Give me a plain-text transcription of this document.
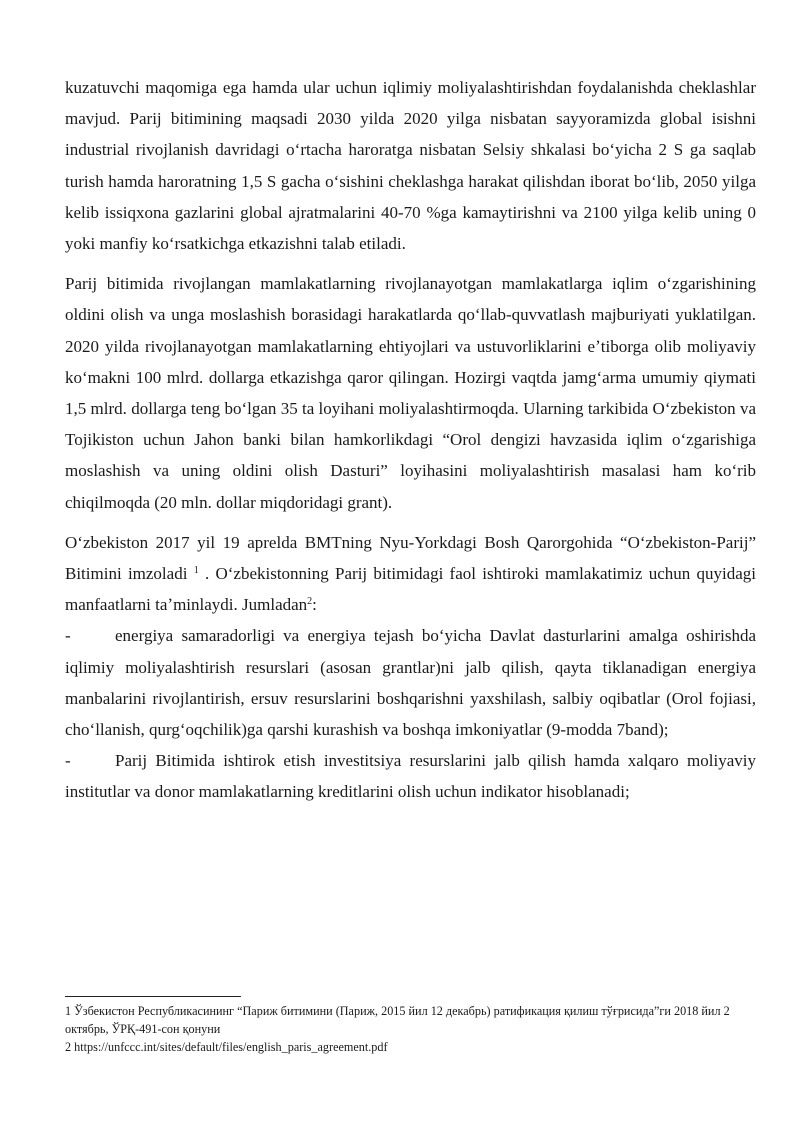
kuzatuvchi maqomiga ega hamda ular uchun iqlimiy moliyalashtirishdan foydalanishda cheklashlar mavjud. Parij bitimining maqsadi 2030 yilda 2020 yilga nisbatan sayyoramizda global isishni industrial rivojlanish davridagi oʻrtacha haroratga nisbatan Selsiy shkalasi boʻyicha 2 S ga saqlab turish hamda haroratning 1,5 S gacha oʻsishini cheklashga harakat qilishdan iborat boʻlib, 2050 yilga kelib issiqxona gazlarini global ajratmalarini 40-70 %ga kamaytirishni va 2100 yilga kelib uning 0 yoki manfiy koʻrsatkichga etkazishni talab etiladi.

Parij bitimida rivojlangan mamlakatlarning rivojlanayotgan mamlakatlarga iqlim oʻzgarishining oldini olish va unga moslashish borasidagi harakatlarda qoʻllab-quvvatlash majburiyati yuklatilgan. 2020 yilda rivojlanayotgan mamlakatlarning ehtiyojlari va ustuvorliklarini eʼtiborga olib moliyaviy koʻmakni 100 mlrd. dollarga etkazishga qaror qilingan. Hozirgi vaqtda jamgʻarma umumiy qiymati 1,5 mlrd. dollarga teng boʻlgan 35 ta loyihani moliyalashtirmoqda. Ularning tarkibida Oʻzbekiston va Tojikiston uchun Jahon banki bilan hamkorlikdagi “Orol dengizi havzasida iqlim oʻzgarishiga moslashish va uning oldini olish Dasturi” loyihasini moliyalashtirish masalasi ham koʻrib chiqilmoqda (20 mln. dollar miqdoridagi grant).

Oʻzbekiston 2017 yil 19 aprelda BMTning Nyu-Yorkdagi Bosh Qarorgohida “Oʻzbekiston-Parij” Bitimini imzoladi $^1$ . Oʻzbekistonning Parij bitimidagi faol ishtiroki mamlakatimiz uchun quyidagi manfaatlarni taʼminlaydi. Jumladan$^2$:

-	energiya samaradorligi va energiya tejash boʻyicha Davlat dasturlarini amalga oshirishda iqlimiy moliyalashtirish resurslari (asosan grantlar)ni jalb qilish, qayta tiklanadigan energiya manbalarini rivojlantirish, ersuv resurslarini boshqarishni yaxshilash, salbiy oqibatlar (Orol fojiasi, choʻllanish, qurgʻoqchilik)ga qarshi kurashish va boshqa imkoniyatlar (9-modda 7band);

-	Parij Bitimida ishtirok etish investitsiya resurslarini jalb qilish hamda xalqaro moliyaviy institutlar va donor mamlakatlarning kreditlarini olish uchun indikator hisoblanadi;

1 Ўзбекистон Республикасининг “Париж битимини (Париж, 2015 йил 12 декабрь) ратификация қилиш тўғрисида”ги 2018 йил 2 октябрь, ЎРҚ-491-сон қонуни
2 https://unfccc.int/sites/default/files/english_paris_agreement.pdf
